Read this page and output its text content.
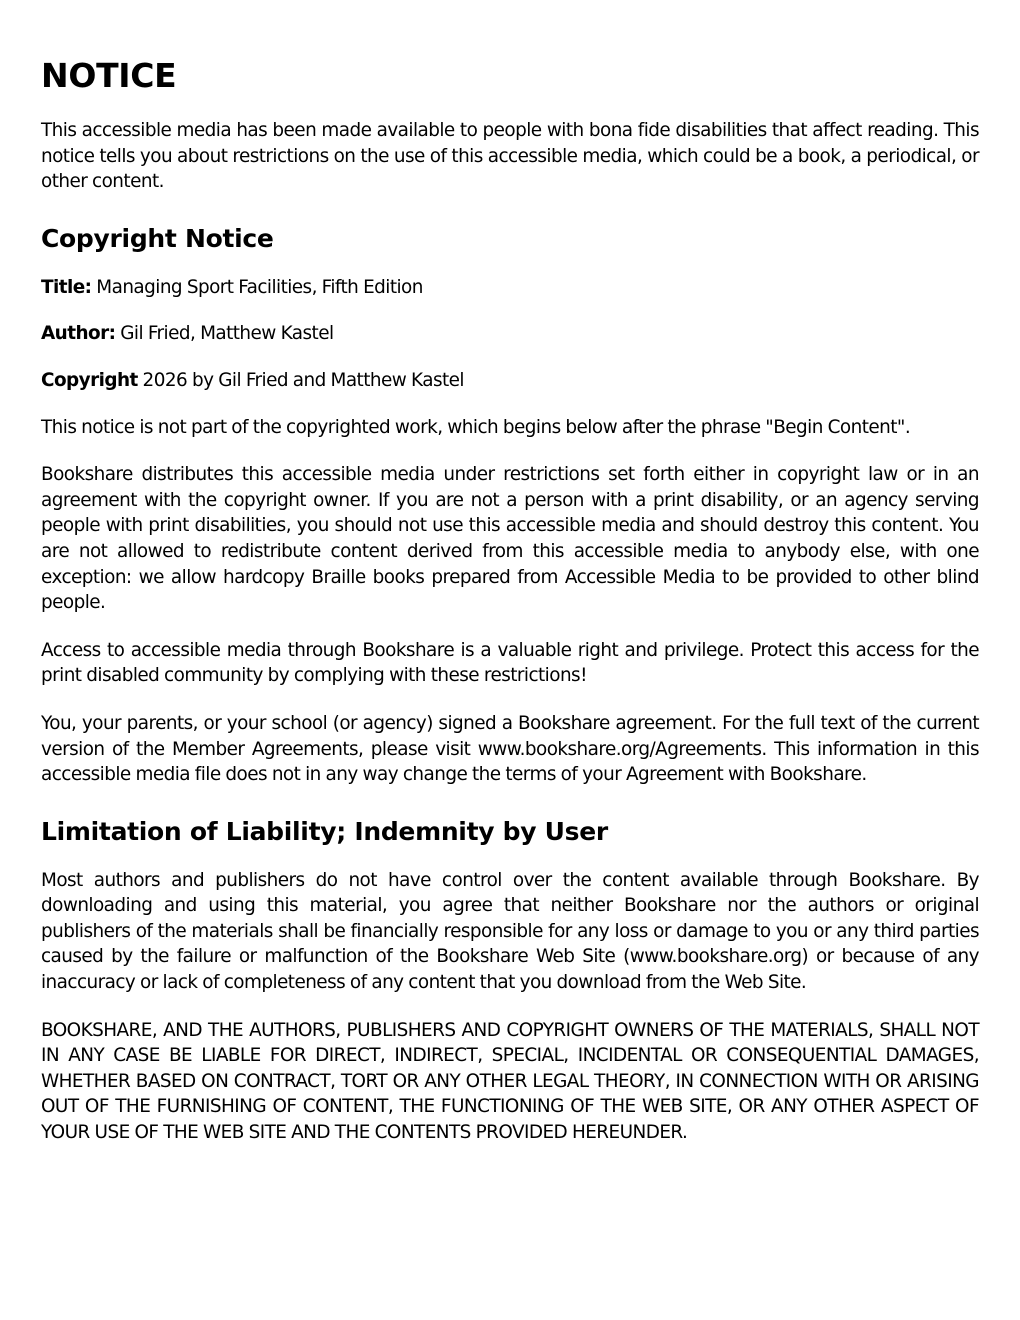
NOTICE

This accessible media has been made available to people with bona fide disabilities that affect reading. This notice tells you about restrictions on the use of this accessible media, which could be a book, a periodical, or other content.

Copyright Notice

Title: Managing Sport Facilities, Fifth Edition

Author: Gil Fried, Matthew Kastel

Copyright 2026 by Gil Fried and Matthew Kastel

This notice is not part of the copyrighted work, which begins below after the phrase "Begin Content".

Bookshare distributes this accessible media under restrictions set forth either in copyright law or in an agreement with the copyright owner. If you are not a person with a print disability, or an agency serving people with print disabilities, you should not use this accessible media and should destroy this content. You are not allowed to redistribute content derived from this accessible media to anybody else, with one exception: we allow hardcopy Braille books prepared from Accessible Media to be provided to other blind people.

Access to accessible media through Bookshare is a valuable right and privilege. Protect this access for the print disabled community by complying with these restrictions!

You, your parents, or your school (or agency) signed a Bookshare agreement. For the full text of the current version of the Member Agreements, please visit www.bookshare.org/Agreements. This information in this accessible media file does not in any way change the terms of your Agreement with Bookshare.

Limitation of Liability; Indemnity by User

Most authors and publishers do not have control over the content available through Bookshare. By downloading and using this material, you agree that neither Bookshare nor the authors or original publishers of the materials shall be financially responsible for any loss or damage to you or any third parties caused by the failure or malfunction of the Bookshare Web Site (www.bookshare.org) or because of any inaccuracy or lack of completeness of any content that you download from the Web Site.

BOOKSHARE, AND THE AUTHORS, PUBLISHERS AND COPYRIGHT OWNERS OF THE MATERIALS, SHALL NOT IN ANY CASE BE LIABLE FOR DIRECT, INDIRECT, SPECIAL, INCIDENTAL OR CONSEQUENTIAL DAMAGES, WHETHER BASED ON CONTRACT, TORT OR ANY OTHER LEGAL THEORY, IN CONNECTION WITH OR ARISING OUT OF THE FURNISHING OF CONTENT, THE FUNCTIONING OF THE WEB SITE, OR ANY OTHER ASPECT OF YOUR USE OF THE WEB SITE AND THE CONTENTS PROVIDED HEREUNDER.
